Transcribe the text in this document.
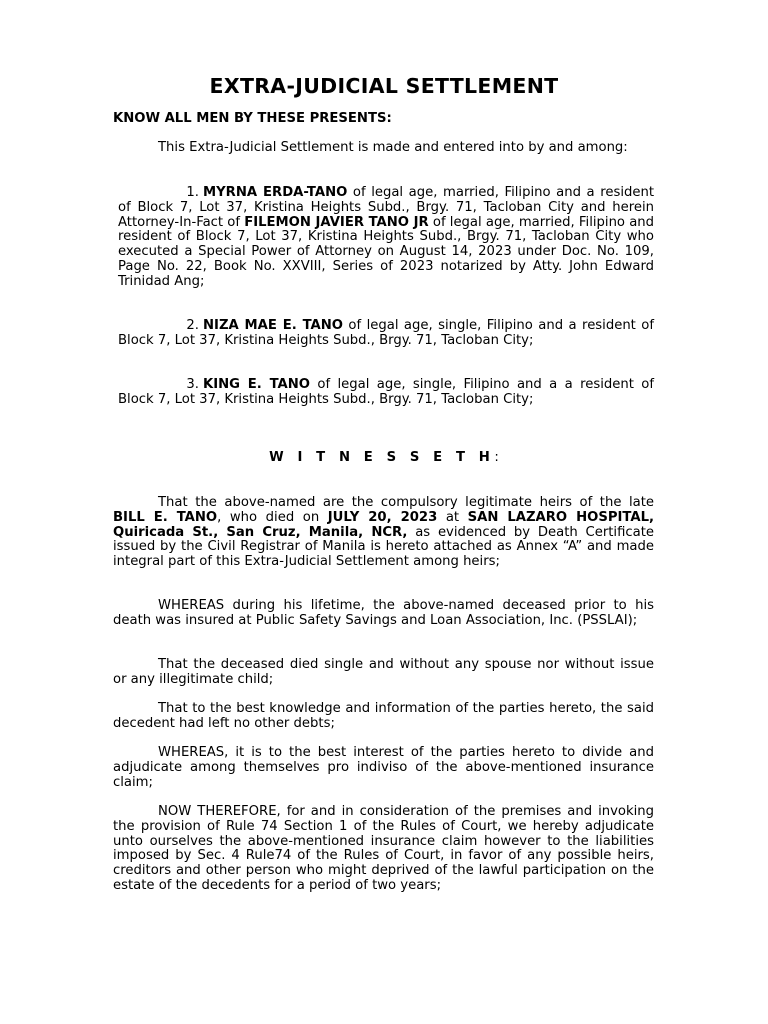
EXTRA-JUDICIAL SETTLEMENT
KNOW ALL MEN BY THESE PRESENTS:
This Extra-Judicial Settlement is made and entered into by and among:
1. MYRNA ERDA-TANO of legal age, married, Filipino and a resident of Block 7, Lot 37, Kristina Heights Subd., Brgy. 71, Tacloban City and herein Attorney-In-Fact of FILEMON JAVIER TANO JR of legal age, married, Filipino and resident of Block 7, Lot 37, Kristina Heights Subd., Brgy. 71, Tacloban City who executed a Special Power of Attorney on August 14, 2023 under Doc. No. 109, Page No. 22, Book No. XXVIII, Series of 2023 notarized by Atty. John Edward Trinidad Ang;
2. NIZA MAE E. TANO of legal age, single, Filipino and a resident of Block 7, Lot 37, Kristina Heights Subd., Brgy. 71, Tacloban City;
3. KING E. TANO of legal age, single, Filipino and a a resident of Block 7, Lot 37, Kristina Heights Subd., Brgy. 71, Tacloban City;
W I T N E S S E T H:
That the above-named are the compulsory legitimate heirs of the late BILL E. TANO, who died on JULY 20, 2023 at SAN LAZARO HOSPITAL, Quiricada St., San Cruz, Manila, NCR, as evidenced by Death Certificate issued by the Civil Registrar of Manila is hereto attached as Annex “A” and made integral part of this Extra-Judicial Settlement among heirs;
WHEREAS during his lifetime, the above-named deceased prior to his death was insured at Public Safety Savings and Loan Association, Inc. (PSSLAI);
That the deceased died single and without any spouse nor without issue or any illegitimate child;
That to the best knowledge and information of the parties hereto, the said decedent had left no other debts;
WHEREAS, it is to the best interest of the parties hereto to divide and adjudicate among themselves pro indiviso of the above-mentioned insurance claim;
NOW THEREFORE, for and in consideration of the premises and invoking the provision of Rule 74 Section 1 of the Rules of Court, we hereby adjudicate unto ourselves the above-mentioned insurance claim however to the liabilities imposed by Sec. 4 Rule74 of the Rules of Court, in favor of any possible heirs, creditors and other person who might deprived of the lawful participation on the estate of the decedents for a period of two years;
